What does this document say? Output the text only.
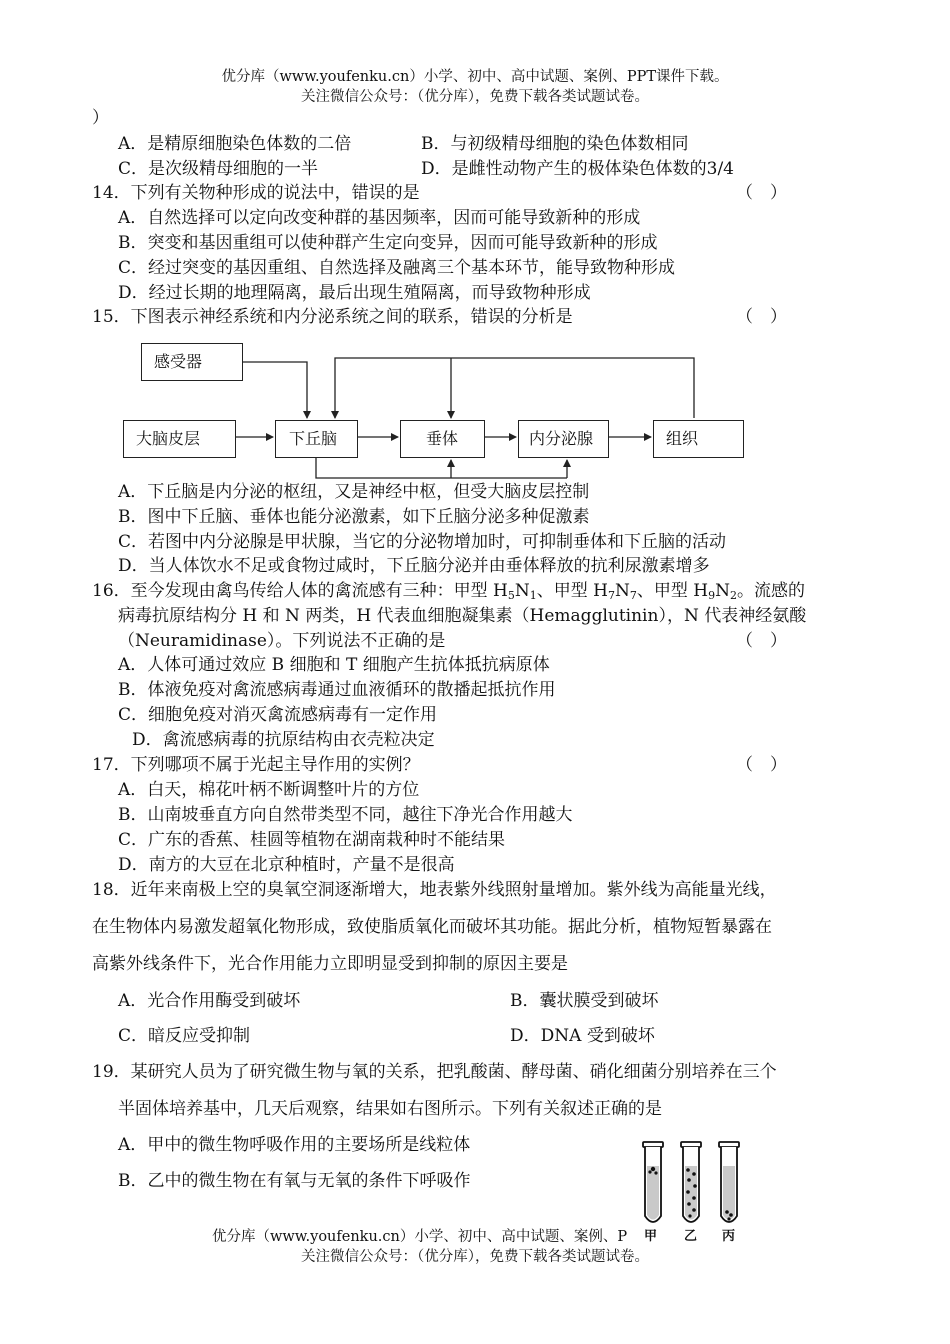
优分库（www.youfenku.cn）小学、初中、高中试题、案例、PPT课件下载。
关注微信公众号：（优分库），免费下载各类试题试卷。
）
A．是精原细胞染色体数的二倍	B．与初级精母细胞的染色体数相同
C．是次级精母细胞的一半	D．是雌性动物产生的极体染色体数的3/4
14．下列有关物种形成的说法中，错误的是	（　）
A．自然选择可以定向改变种群的基因频率，因而可能导致新种的形成
B．突变和基因重组可以使种群产生定向变异，因而可能导致新种的形成
C．经过突变的基因重组、自然选择及融离三个基本环节，能导致物种形成
D．经过长期的地理隔离，最后出现生殖隔离，而导致物种形成
15．下图表示神经系统和内分泌系统之间的联系，错误的分析是	（　）
感受器
大脑皮层	下丘脑	垂体	内分泌腺	组织
A．下丘脑是内分泌的枢纽，又是神经中枢，但受大脑皮层控制
B．图中下丘脑、垂体也能分泌激素，如下丘脑分泌多种促激素
C．若图中内分泌腺是甲状腺，当它的分泌物增加时，可抑制垂体和下丘脑的活动
D．当人体饮水不足或食物过咸时，下丘脑分泌并由垂体释放的抗利尿激素增多
16．至今发现由禽鸟传给人体的禽流感有三种：甲型 $H_5N_1$、甲型 $H_7N_7$、甲型 $H_9N_2$。流感的
病毒抗原结构分 H 和 N 两类，H 代表血细胞凝集素（Hemagglutinin），N 代表神经氨酸
（Neuramidinase）。下列说法不正确的是	（　）
A．人体可通过效应 B 细胞和 T 细胞产生抗体抵抗病原体
B．体液免疫对禽流感病毒通过血液循环的散播起抵抗作用
C．细胞免疫对消灭禽流感病毒有一定作用
D．禽流感病毒的抗原结构由衣壳粒决定
17．下列哪项不属于光起主导作用的实例？	（　）
A．白天，棉花叶柄不断调整叶片的方位
B．山南坡垂直方向自然带类型不同，越往下净光合作用越大
C．广东的香蕉、桂圆等植物在湖南栽种时不能结果
D．南方的大豆在北京种植时，产量不是很高
18．近年来南极上空的臭氧空洞逐渐增大，地表紫外线照射量增加。紫外线为高能量光线，
在生物体内易激发超氧化物形成，致使脂质氧化而破坏其功能。据此分析，植物短暂暴露在
高紫外线条件下，光合作用能力立即明显受到抑制的原因主要是
A．光合作用酶受到破坏	B．囊状膜受到破坏
C．暗反应受抑制	D．DNA 受到破坏
19．某研究人员为了研究微生物与氧的关系，把乳酸菌、酵母菌、硝化细菌分别培养在三个
半固体培养基中，几天后观察，结果如右图所示。下列有关叙述正确的是
A．甲中的微生物呼吸作用的主要场所是线粒体
B．乙中的微生物在有氧与无氧的条件下呼吸作
甲 乙 丙
优分库（www.youfenku.cn）小学、初中、高中试题、案例、P
关注微信公众号：（优分库），免费下载各类试题试卷。
